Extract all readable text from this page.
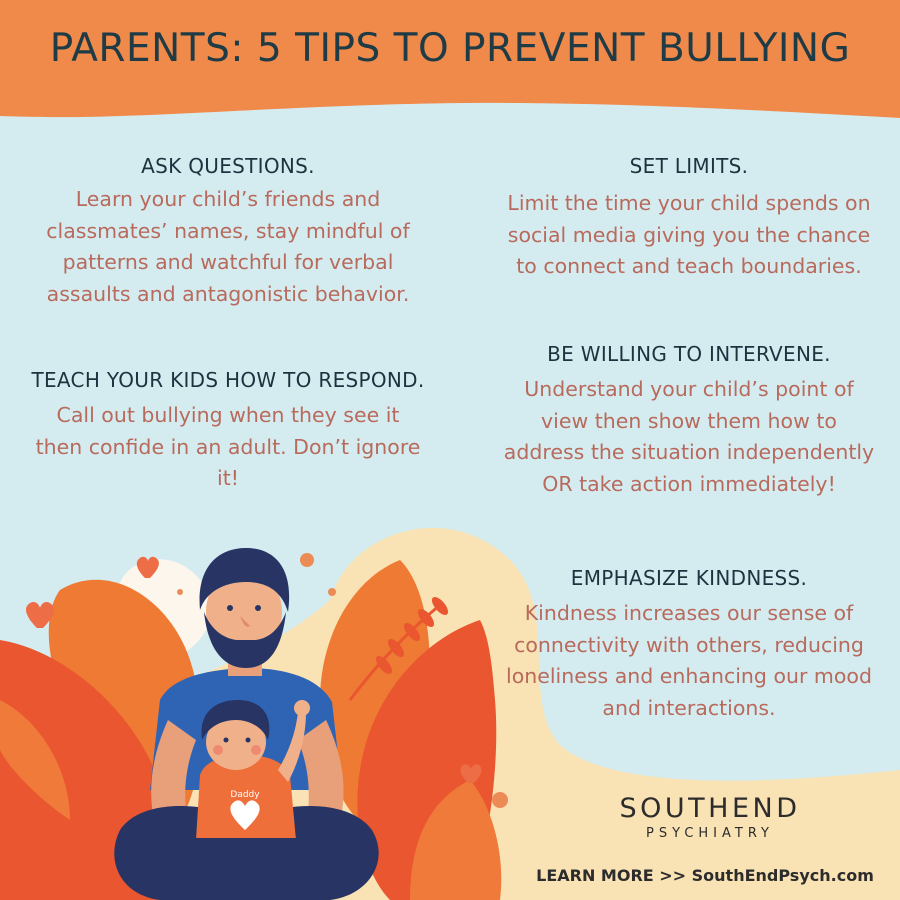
PARENTS: 5 TIPS TO PREVENT BULLYING
ASK QUESTIONS.

Learn your child’s friends and classmates’ names, stay mindful of patterns and watchful for verbal assaults and antagonistic behavior.

TEACH YOUR KIDS HOW TO RESPOND.

Call out bullying when they see it then confide in an adult. Don’t ignore it!

SET LIMITS.

Limit the time your child spends on social media giving you the chance to connect and teach boundaries.

BE WILLING TO INTERVENE.

Understand your child’s point of view then show them how to address the situation independently OR take action immediately!

EMPHASIZE KINDNESS.

Kindness increases our sense of connectivity with others, reducing loneliness and enhancing our mood and interactions.

Daddy	SOUTHEND
PSYCHIATRY
LEARN MORE >> SouthEndPsych.com
